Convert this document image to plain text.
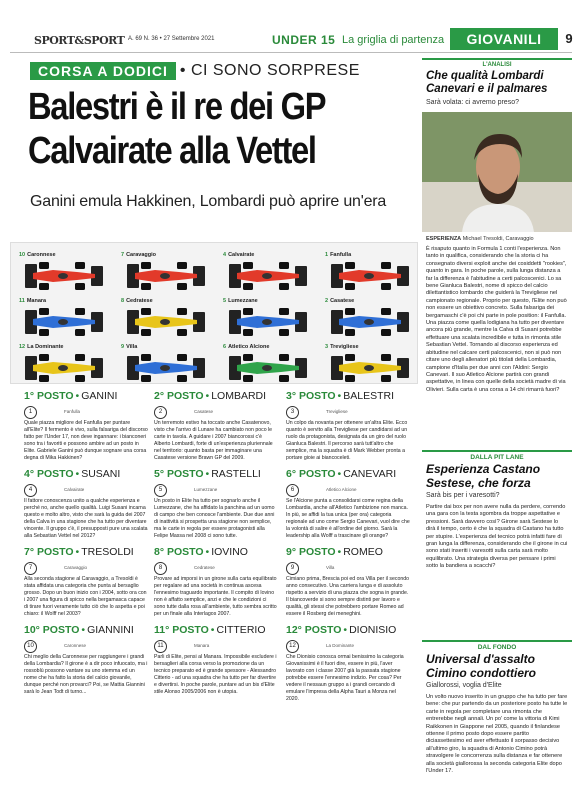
SPORT&SPORT A. 69 N. 36 • 27 Settembre 2021	UNDER 15 La griglia di partenza	GIOVANILI	9
CORSA A DODICI • CI SONO SORPRESE
Balestri è il re dei GP
Calvairate alla Vettel
Ganini emula Hakkinen, Lombardi può aprire un'era
10 Caronnese	7 Caravaggio	4 Calvairate	1 Fanfulla
11 Manara	8 Cedratese	5 Lumezzane	2 Casatese
12 La Dominante	9 Villa	6 Atletico Alcione	3 Trevigliese
1° POSTO • GANINI
1	Fanfulla
Quale piazza migliore del Fanfulla per puntare all'Elite? Il fermento è vivo, sulla falsariga del discorso fatto per l'Under 17, non deve ingannare: i bianconeri sono tra i favoriti e possono ambire ad un posto in Elite. Gabriele Ganini può dunque sognare una corsa degna di Mika Hakkinen?
2° POSTO • LOMBARDI
2	Casatese
Un terremoto estivo ha toccato anche Casatenovo, visto che l'arrivo di Lunare ha cambiato non poco le carte in tavola. A guidare i 2007 biancorossi c'è Alberto Lombardi, forte di un'esperienza pluriennale nel territorio: quanto basta per immaginare una Casatese versione Brawn GP del 2009.
3° POSTO • BALESTRI
3	Trevigliese
Un colpo da novanta per ottenere un'altra Elite. Ecco quanto è servito alla Trevigliese per candidarsi ad un ruolo da protagonista, designata da un giro del ruolo Gianluca Balestri. Il percorso sarà tutt'altro che semplice, ma la squadra è di Mark Webber pronta a portare gioie ai biancoceleti.
4° POSTO • SUSANI
4	Calvairate
Il fattore conoscenza unito a qualche esperienza e perché no, anche quello qualità. Luigi Susani incarna questo e molto altro, visto che sarà la guida dei 2007 della Calva in una stagione che ha tutto per diventare vincente. Il gruppo c'è, il presupposti pure una scalata alla Sebastian Vettel nel 2012?
5° POSTO • RASTELLI
5	Lumezzane
Un posto in Elite ha tutto per sognarlo anche il Lumezzane, che ha affidato la panchina ad un uomo di campo che ben conosce l'ambiente. Due due anni di inattività si prospetta una stagione non semplice, ma le carte in regola per essere protagonisti alla Felipe Massa nel 2008 ci sono tutte.
6° POSTO • CANEVARI
6	Atletico Alcione
Se l'Alcione punta a consolidarsi come regina della Lombardia, anche all'Atletico l'ambizione non manca. In più, se affidi la tua unica (per ora) categoria regionale ad uno come Sergio Canevari, vuol dire che la volontà di salire è all'ordine del giorno. Sarà la leadership alla Wolff a trascinare gli orange?
7° POSTO • TRESOLDI
7	Caravaggio
Alla seconda stagione al Caravaggio, a Tresoldi è stata affidata una categoria che punta al bersaglio grosso. Dopo un buon inizio con i 2004, sotto ora con i 2007 una figura di spicco nella bergamasca capace di tirare fuori veramente tutto ciò che lo aspetta e poi chiaro: il Wolff nel 2003?
8° POSTO • IOVINO
8	Cedratese
Provare ad imporsi in un girone sulla carta equilibrato per regalare ad una società in continua ascesa l'ennesimo traguardo importante. Il compito di Iovino non è affatto semplice, anzi e che le condizioni ci sono tutte dalla rosa all'ambiente, tutto sembra scritto per un finale alla Interlagos 2007.
9° POSTO • ROMEO
9	Villa
Cimiano prima, Brescia poi ed ora Villa per il secondo anno consecutivo. Una carriera lunga e di assoluto rispetto a servizio di una piazza che sogna in grande. Il biancoverde si sono sempre distinti per lavoro e qualità, gli stessi che potrebbero portare Romeo ad essere il Rosberg dei meneghini.
10° POSTO • GIANNINI
10	Caronnese
Chi meglio della Caronnese per raggiungere i grandi della Lombardia? Il girone è a dir poco infuocato, ma i rossoblù possono vantare su uno stemma ed un nome che ha fatto la storia del calcio giovanile, dunque perché non provarci? Poi, se Mattia Giannini sarà lo Jean Todt di turno...
11° POSTO • CITTERIO
11	Manara
Parli di Elite, pensi al Manara. Impossibile escludere i bersaglieri alla corsa verso la promozione da un tecnico preparato ed è grande spessore - Alessandro Citterio - ad una squadra che ha tutto per far divertire e divertirsi. In poche parole, puntare ad un bis d'Elite stile Alonso 2005/2006 non è utopia.
12° POSTO • DIONISIO
12	La Dominante
Che Dionisio conosca ormai benissimo la categoria Giovanissimi è il fuori dire, essere in più, l'aver lavorato con i classe 2007 già la passata stagione potrebbe essere l'ennesimo indizio. Per cosa? Per vedere il nessaun gruppo a i grandi cercando di emulare l'impresa della Alpha Tauri a Monza nel 2020.
L'ANALISI
Che qualità Lombardi Canevari e il palmares
Sarà volata: ci avremo preso?
ESPERIENZA Michael Tresoldi, Caravaggio
È risaputo quanto in Formula 1 conti l'esperienza. Non tanto in qualifica, considerando che la storia ci ha consegnato diversi exploit anche dei cosiddetti "rookies", quanto in gara. In poche parole, sulla lunga distanza a far la differenza è l'abitudine a certi palcoscenici. Lo sa bene Gianluca Balestri, nome di spicco del calcio dilettantistico lombardo che guiderà la Trevigliese nel campionato regionale. Proprio per questo, l'Elite non può non essere un obiettivo concreto. Sulla falsariga dei bergamaschi c'è poi chi parte in pole position: il Fanfulla. Una piazza come quella lodigiana ha tutto per diventare ancora più grande, mentre la Calva di Susani potrebbe effettuare una scalata incredibile e tutta in rimonta stile Sebastian Vettel. Tornando al discorso esperienza ed abitudine nel calcare certi palcoscenici, non si può non citare uno degli allenatori più titolati della Lombardia, campione d'Italia per due anni con l'Aldini: Sergio Canevari. Il suo Atletico Alcione partirà con grandi aspettative, in linea con quelle della società madre di via Olivieri. Sulla carta è una corsa a 14 chi rimarrà fuori?
DALLA PIT LANE
Esperienza Castano Sestese, che forza
Sarà bis per i varesotti?
Partire dai box per non avere nulla da perdere, correndo una gara con la testa sgombra da troppe aspettative e pressioni. Sarà davvero così? Girone sarà Sestese lo dirà il tempo, certo è che la squadra di Castano ha tutto per stupire. L'esperienza del tecnico potrà infatti fare di gran lunga la differenza, considerando che il girone in cui sono stati inseriti i varesotti sulla carta sarà molto equilibrato. Una strategia diversa per pensare i primi sotto la bandiera a scacchi?
DAL FONDO
Universal d'assalto Cimino condottiero
Giallorossi, voglia d'Elite
Un volto nuovo inserito in un gruppo che ha tutto per fare bene: che pur partendo da un posteriore posto ha tutte le carte in regola per completare una rimonta che entrerebbe negli annali. Un po' come la vittoria di Kimi Raikkonen in Giappone nel 2005, quando il finlandese ottenne il primo posto dopo essere partito diciassettesimo ed aver effettuato il sorpasso decisivo all'ultimo giro, la squadra di Antonio Cimino potrà stravolgere le concorrenza sulla distanza e far ottenere alla società giallorossa la seconda categoria Elite dopo l'Under 17.
